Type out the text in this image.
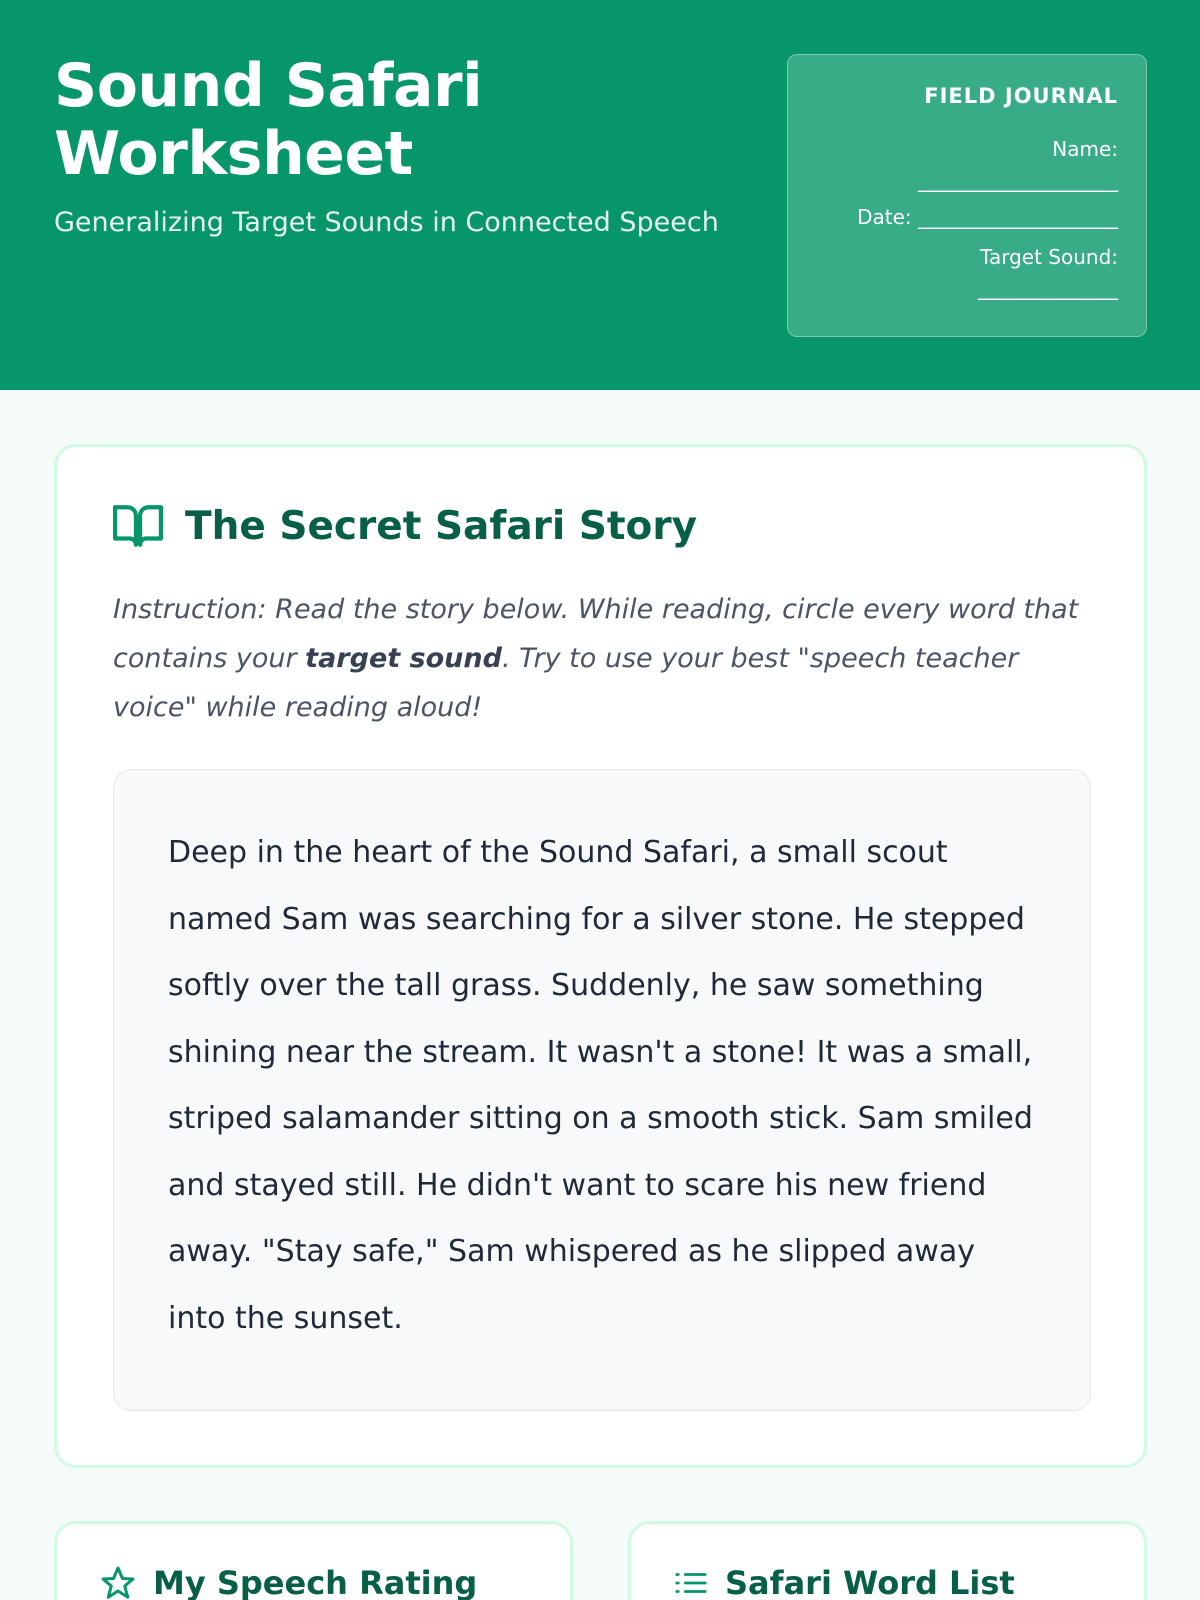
Sound Safari Worksheet

Generalizing Target Sounds in Connected Speech

FIELD JOURNAL
Name:
____________________
Date: ____________________
Target Sound:
______________
The Secret Safari Story

Instruction: Read the story below. While reading, circle every word that contains your target sound. Try to use your best "speech teacher voice" while reading aloud!

Deep in the heart of the Sound Safari, a small scout named Sam was searching for a silver stone. He stepped softly over the tall grass. Suddenly, he saw something shining near the stream. It wasn't a stone! It was a small, striped salamander sitting on a smooth stick. Sam smiled and stayed still. He didn't want to scare his new friend away. "Stay safe," Sam whispered as he slipped away into the sunset.

My Speech Rating	Safari Word List
